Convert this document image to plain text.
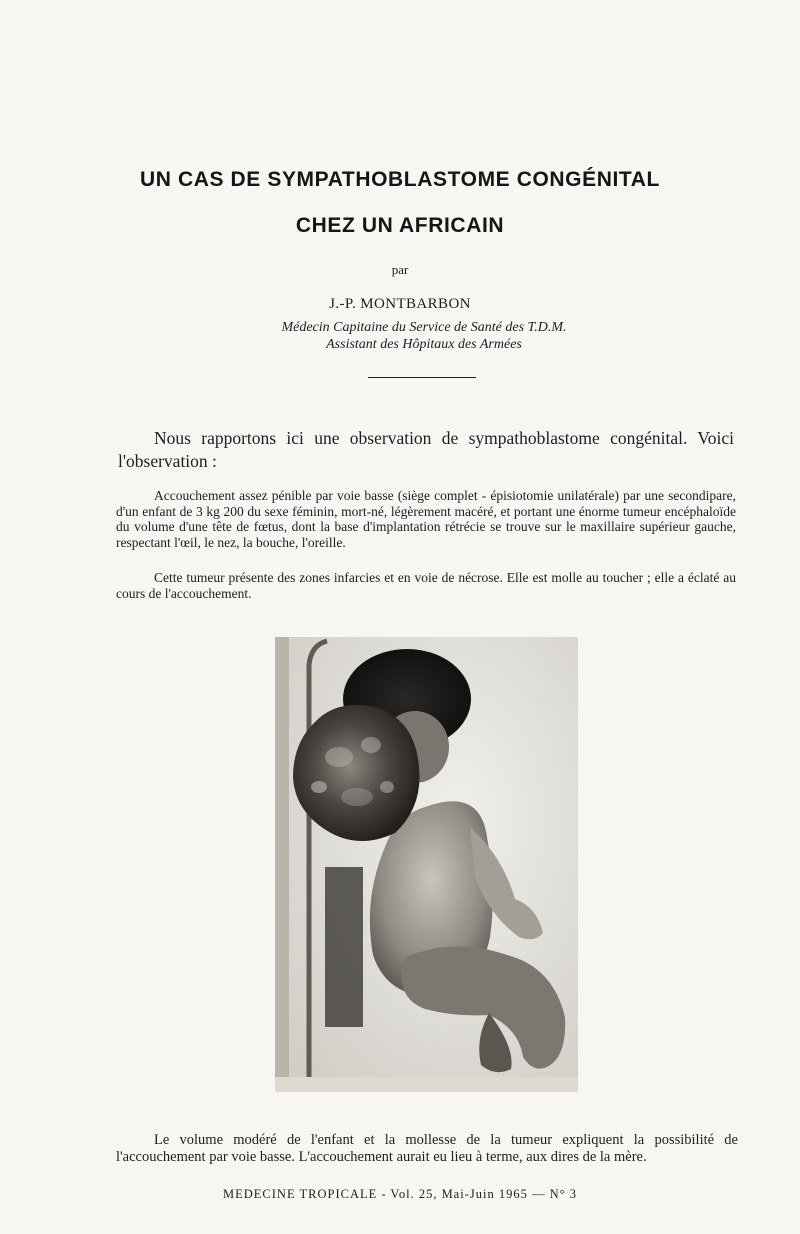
UN CAS DE SYMPATHOBLASTOME CONGÉNITAL
CHEZ UN AFRICAIN
par
J.-P. MONTBARBON
Médecin Capitaine du Service de Santé des T.D.M.
Assistant des Hôpitaux des Armées

Nous rapportons ici une observation de sympathoblastome congénital. Voici l'observation :

Accouchement assez pénible par voie basse (siège complet - épisiotomie unilatérale) par une secondipare, d'un enfant de 3 kg 200 du sexe féminin, mort-né, légèrement macéré, et portant une énorme tumeur encéphaloïde du volume d'une tête de fœtus, dont la base d'implantation rétrécie se trouve sur le maxillaire supérieur gauche, respectant l'œil, le nez, la bouche, l'oreille.

Cette tumeur présente des zones infarcies et en voie de nécrose. Elle est molle au toucher ; elle a éclaté au cours de l'accouchement.

Le volume modéré de l'enfant et la mollesse de la tumeur expliquent la possibilité de l'accouchement par voie basse. L'accouchement aurait eu lieu à terme, aux dires de la mère.

MEDECINE TROPICALE - Vol. 25, Mai-Juin 1965 — N° 3
